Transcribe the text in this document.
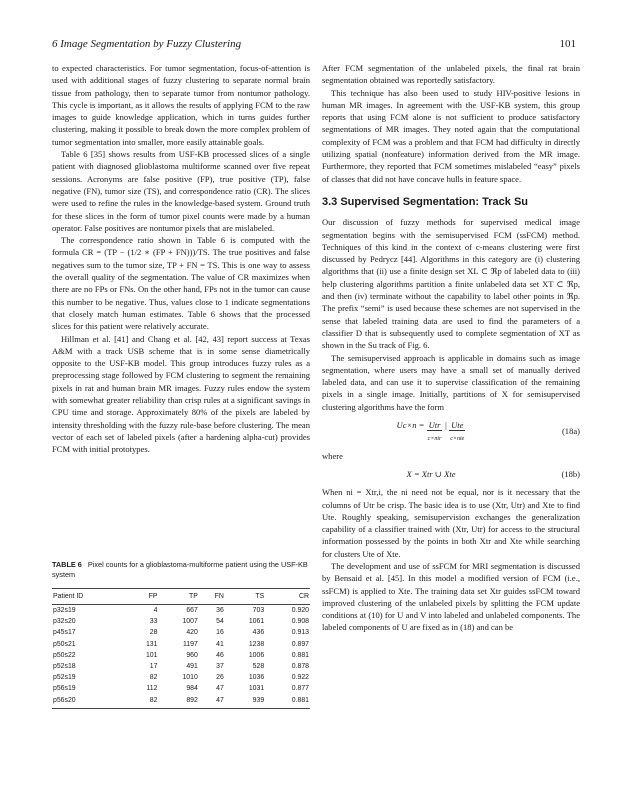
6 Image Segmentation by Fuzzy Clustering	101

to expected characteristics. For tumor segmentation, focus-of-attention is used with additional stages of fuzzy clustering to separate normal brain tissue from pathology, then to separate tumor from nontumor pathology. This cycle is important, as it allows the results of applying FCM to the raw images to guide knowledge application, which in turns guides further clustering, making it possible to break down the more complex problem of tumor segmentation into smaller, more easily attainable goals.

Table 6 [35] shows results from USF-KB processed slices of a single patient with diagnosed glioblastoma multiforme scanned over five repeat sessions. Acronyms are false positive (FP), true positive (TP), false negative (FN), tumor size (TS), and correspondence ratio (CR). The slices were used to refine the rules in the knowledge-based system. Ground truth for these slices in the form of tumor pixel counts were made by a human operator. False positives are nontumor pixels that are mislabeled.

The correspondence ratio shown in Table 6 is computed with the formula CR = (TP − (1/2 ∗ (FP + FN)))/TS. The true positives and false negatives sum to the tumor size, TP + FN = TS. This is one way to assess the overall quality of the segmentation. The value of CR maximizes when there are no FPs or FNs. On the other hand, FPs not in the tumor can cause this number to be negative. Thus, values close to 1 indicate segmentations that closely match human estimates. Table 6 shows that the processed slices for this patient were relatively accurate.

Hillman et al. [41] and Chang et al. [42, 43] report success at Texas A&M with a track USB scheme that is in some sense diametrically opposite to the USF-KB model. This group introduces fuzzy rules as a preprocessing stage followed by FCM clustering to segment the remaining pixels in rat and human brain MR images. Fuzzy rules endow the system with somewhat greater reliability than crisp rules at a significant savings in CPU time and storage. Approximately 80% of the pixels are labeled by intensity thresholding with the fuzzy rule-base before clustering. The mean vector of each set of labeled pixels (after a hardening alpha-cut) provides FCM with initial prototypes.

TABLE 6 Pixel counts for a glioblastoma-multiforme patient using the USF-KB system
Patient ID	FP	TP	FN	TS	CR
p32s19	4	667	36	703	0.920
p32s20	33	1007	54	1061	0.908
p45s17	28	420	16	436	0.913
p50s21	131	1197	41	1238	0.897
p50s22	101	960	46	1006	0.881
p52s18	17	491	37	528	0.878
p52s19	82	1010	26	1036	0.922
p56s19	112	984	47	1031	0.877
p56s20	82	892	47	939	0.881

After FCM segmentation of the unlabeled pixels, the final rat brain segmentation obtained was reportedly satisfactory.

This technique has also been used to study HIV-positive lesions in human MR images. In agreement with the USF-KB system, this group reports that using FCM alone is not sufficient to produce satisfactory segmentations of MR images. They noted again that the computational complexity of FCM was a problem and that FCM had difficulty in directly utilizing spatial (nonfeature) information derived from the MR image. Furthermore, they reported that FCM sometimes mislabeled “easy” pixels of classes that did not have concave hulls in feature space.

3.3 Supervised Segmentation: Track Su

Our discussion of fuzzy methods for supervised medical image segmentation begins with the semisupervised FCM (ssFCM) method. Techniques of this kind in the context of c-means clustering were first discussed by Pedrycz [44]. Algorithms in this category are (i) clustering algorithms that (ii) use a finite design set XL ⊂ ℜp of labeled data to (iii) help clustering algorithms partition a finite unlabeled data set XT ⊂ ℜp, and then (iv) terminate without the capability to label other points in ℜp. The prefix “semi” is used because these schemes are not supervised in the sense that labeled training data are used to find the parameters of a classifier D that is subsequently used to complete segmentation of XT as shown in the Su track of Fig. 6.

The semisupervised approach is applicable in domains such as image segmentation, where users may have a small set of manually derived labeled data, and can use it to supervise classification of the remaining pixels in a single image. Initially, partitions of X for semisupervised clustering algorithms have the form

Uc×n = Utr
c×ntr | Ute
c×nte
(18a)

where

X = Xtr ∪ Xte	(18b)

When ni = Xtr,i, the ni need not be equal, nor is it necessary that the columns of Utr be crisp. The basic idea is to use (Xtr, Utr) and Xte to find Ute. Roughly speaking, semisupervision exchanges the generalization capability of a classifier trained with (Xtr, Utr) for access to the structural information possessed by the points in both Xtr and Xte while searching for clusters Ute of Xte.

The development and use of ssFCM for MRI segmentation is discussed by Bensaid et al. [45]. In this model a modified version of FCM (i.e., ssFCM) is applied to Xte. The training data set Xtr guides ssFCM toward improved clustering of the unlabeled pixels by splitting the FCM update conditions at (10) for U and V into labeled and unlabeled components. The labeled components of U are fixed as in (18) and can be
